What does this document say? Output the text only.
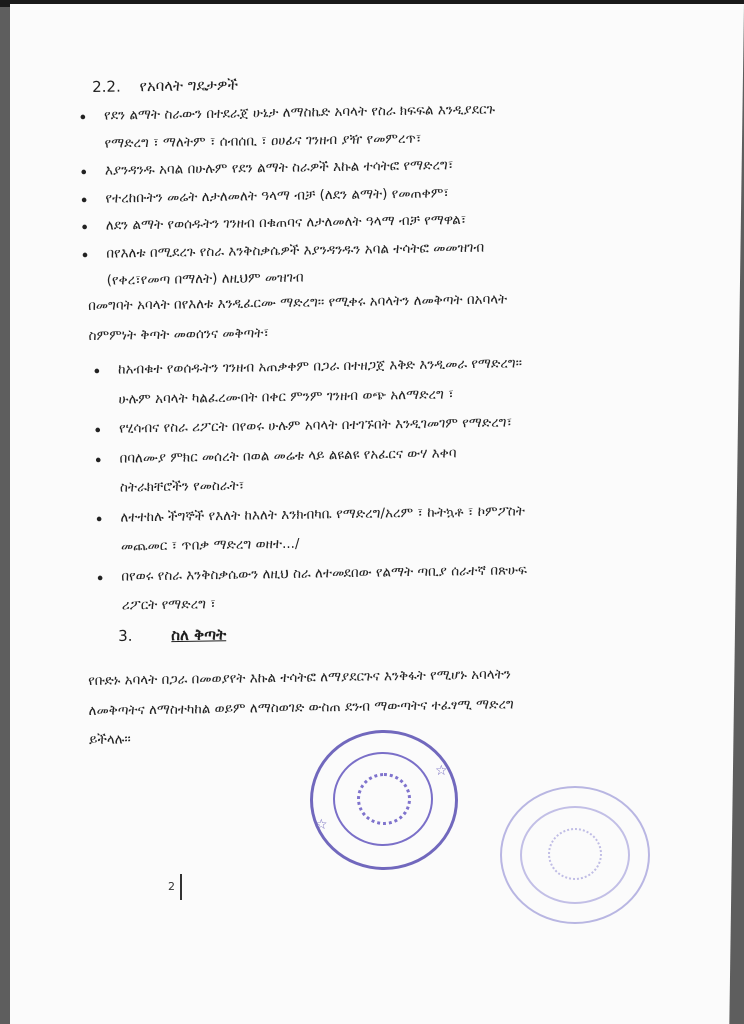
2.2. የአባላት ግዴታዎች
• የደን ልማት ስራውን በተደራጀ ሁኔታ ለማስኬድ አባላት የስራ ክፍፍል እንዲያደርጉ
የማድረግ ፣ ማለትም ፣ ሰብሰቢ ፣ ዐሀፊና ገንዘብ ያዥ የመምረጥ፣
• እያንዳንዱ አባል በሁሉም የደን ልማት ስራዎች እኩል ተሳትፎ የማድረግ፣
• የተረከቡትን መሬት ለታለመለት ዓላማ ብቻ (ለደን ልማት) የመጠቀም፣
• ለደን ልማት የወሰዱትን ገንዘብ በቁጠባና ለታለመለት ዓላማ ብቻ የማዋል፣
• በየእለቱ በሚደረጉ የስራ እንቅስቃሴዎች እያንዳንዱን አባል ተሳትፎ መመዝገብ
(የቀረ፣የመጣ በማለት) ለዚህም መዝገብ
በመግባት አባላት በየእለቱ እንዲፈርሙ ማድረግ፡፡ የሚቀሩ አባላትን ለመቅጣት በአባላት
ስምምነት ቅጣት መወሰንና መቅጣት፣
• ከአብቁተ የወሰዱትን ገንዘብ አጠቃቀም በጋራ በተዘጋጀ እቅድ እንዲመራ የማድረግ፡፡
ሁሉም አባላት ካልፈረሙበት በቀር ምንም ገንዘብ ወጭ አለማድረግ ፣
• የሂሳብና የስራ ሪፖርት በየወሩ ሁሉም አባላት በተገኙበት እንዲገመገም የማድረግ፣
• በባለሙያ ምክር መሰረት በወል መሬቱ ላይ ልዩልዩ የአፈርና ውሃ እቀባ
ስትራክቸሮችን የመስራት፣
• ለተተከሉ ችግኞች የእለት ከእለት እንክብካቤ የማድረግ/አረም ፣ ኩትኳቶ ፣ ኮምፖስት
መጨመር ፣ ጥበቃ ማድረግ ወዘተ.../
• በየወሩ የስራ እንቅስቃሴውን ለዚህ ስራ ለተመደበው የልማት ጣቢያ ሰራተኛ በጽሁፍ
ሪፖርት የማድረግ ፣
3.	ስለ ቅጣት
የቡድኑ አባላት በጋራ በመወያየት እኩል ተሳትፎ ለማያደርጉና እንቅፋት የሚሆኑ አባላትን
ለመቅጣትና ለማስተካከል ወይም ለማስወገድ ውስጠ ደንብ ማውጣትና ተፈፃሚ ማድረግ
ይችላሉ፡፡
☆
☆
2
